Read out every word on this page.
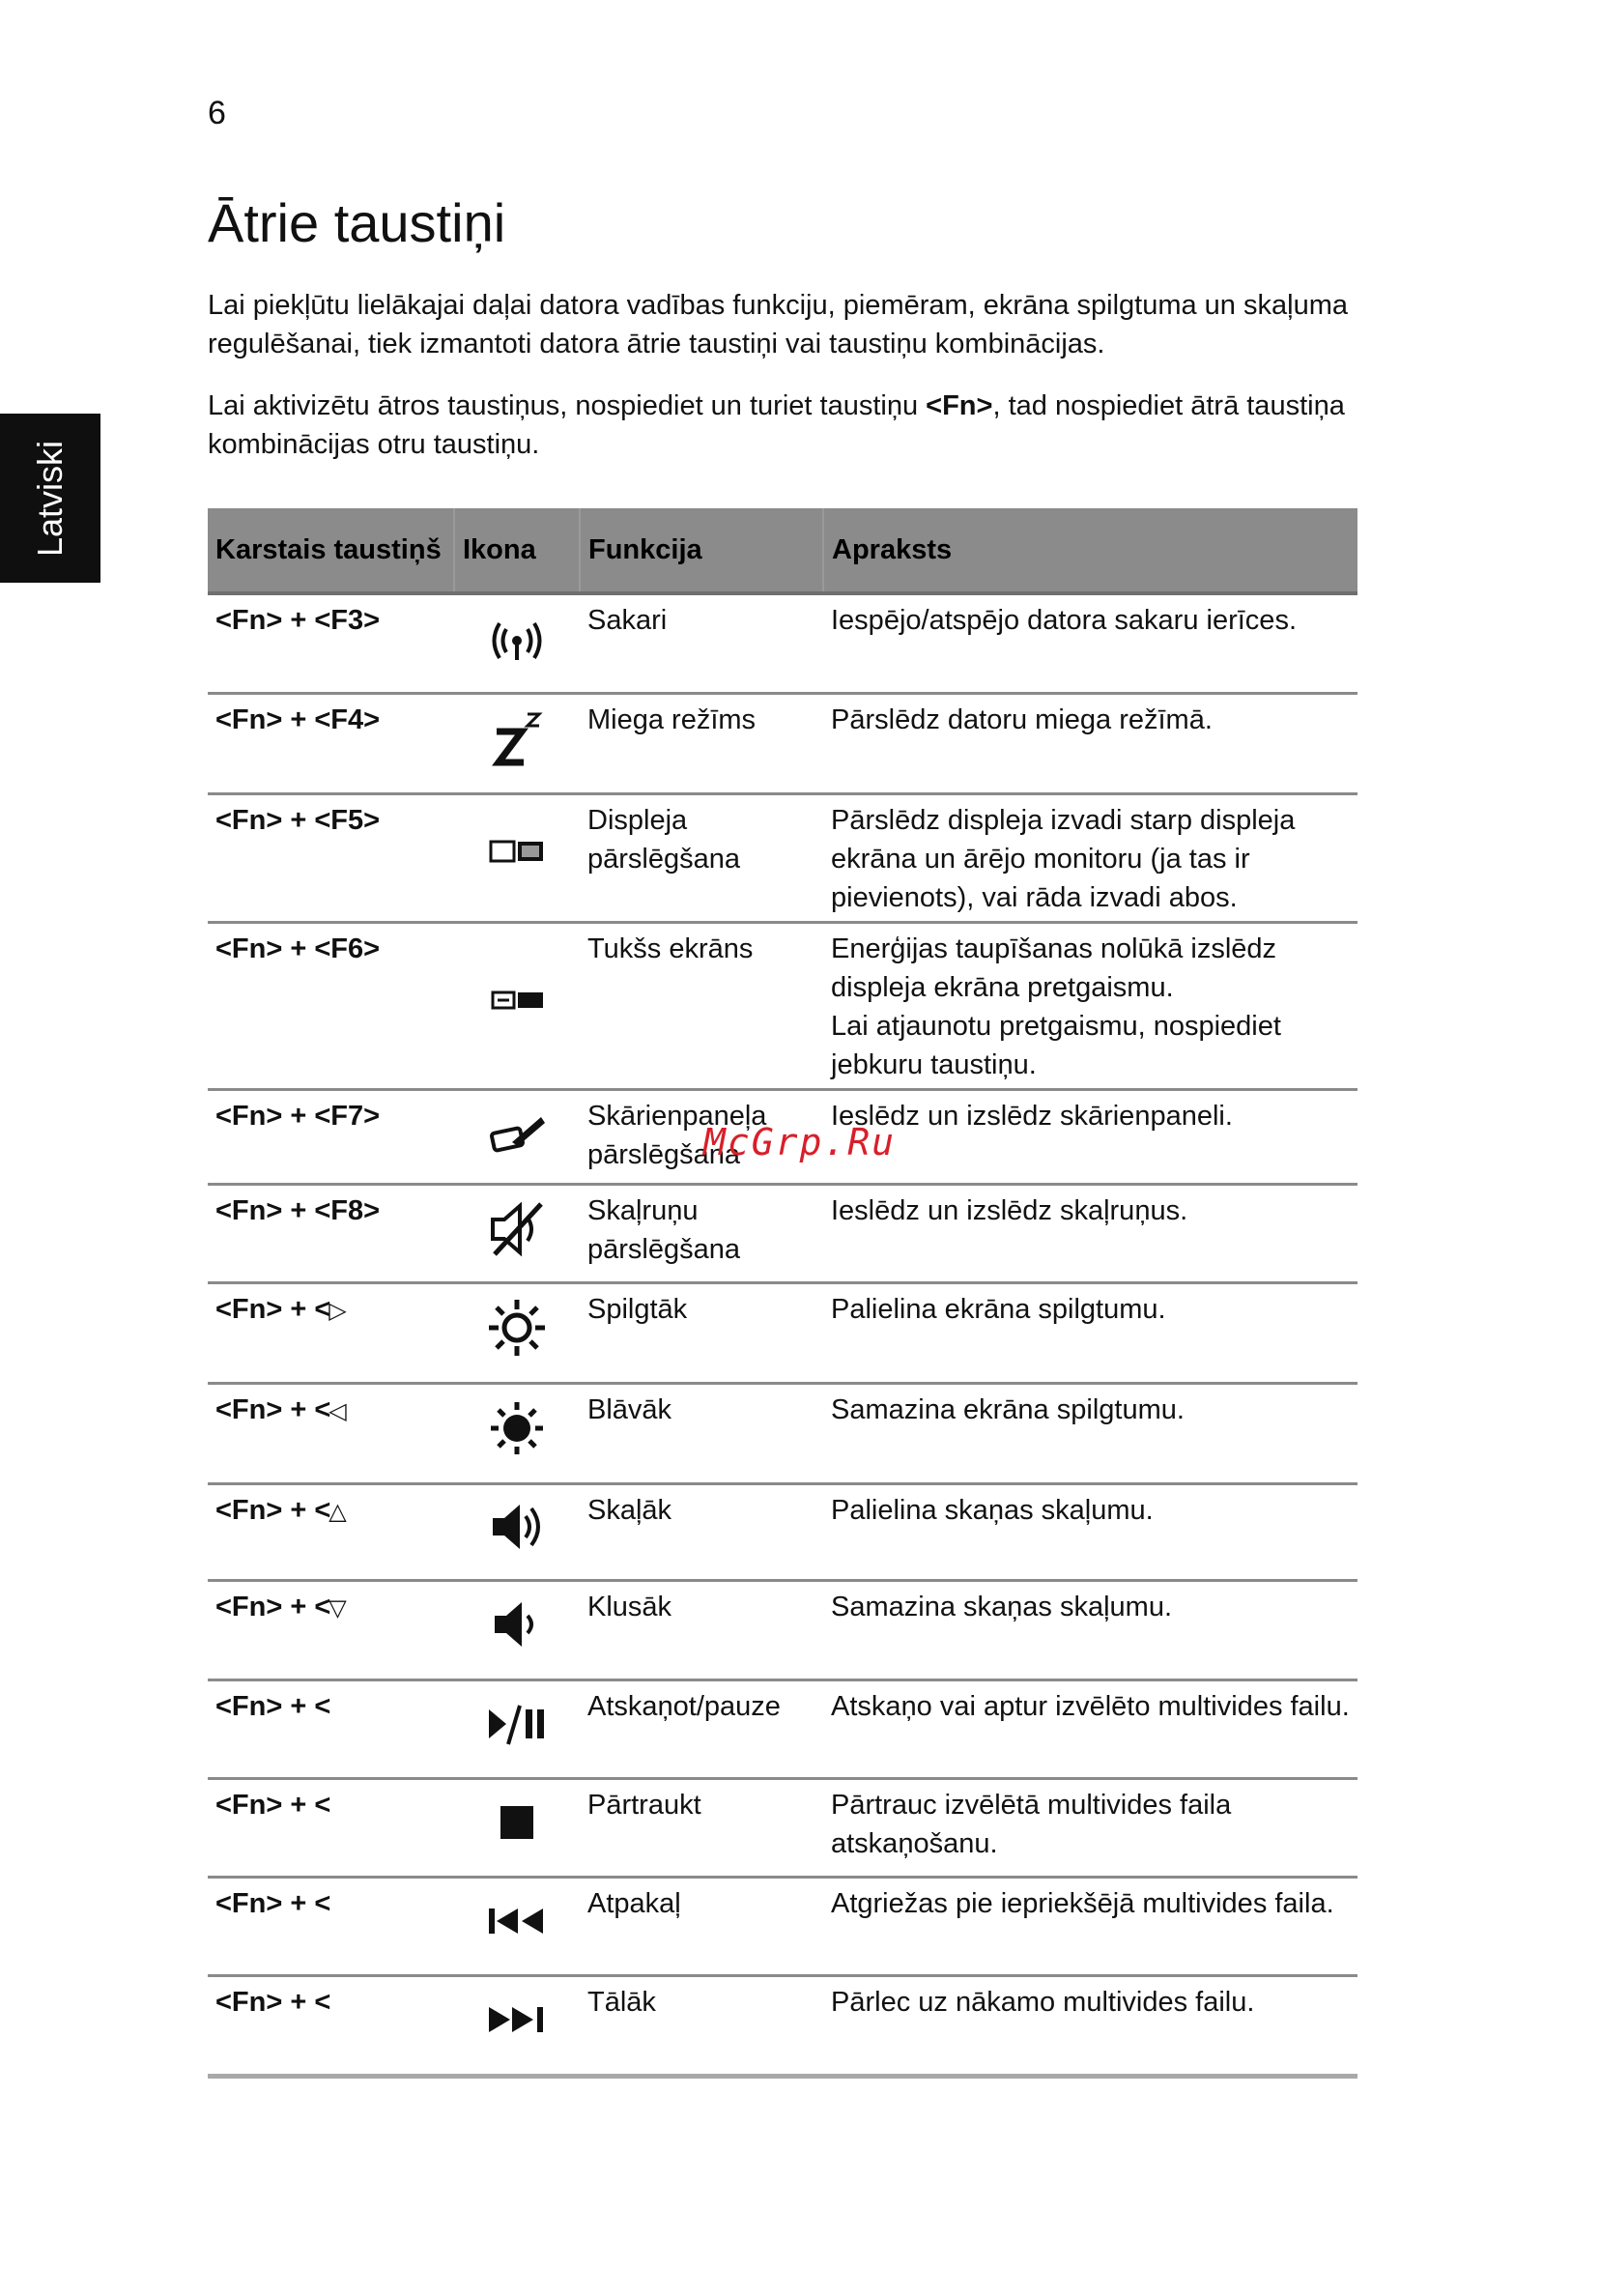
6
Latviski
Ātrie taustiņi

Lai piekļūtu lielākajai daļai datora vadības funkciju, piemēram, ekrāna spilgtuma un skaļuma regulēšanai, tiek izmantoti datora ātrie taustiņi vai taustiņu kombinācijas.

Lai aktivizētu ātros taustiņus, nospiediet un turiet taustiņu <Fn>, tad nospiediet ātrā taustiņa kombinācijas otru taustiņu.

Karstais taustiņš	Ikona	Funkcija	Apraksts
<Fn> + <F3>		Sakari	Iespējo/atspējo datora sakaru ierīces.
<Fn> + <F4>		Miega režīms	Pārslēdz datoru miega režīmā.
<Fn> + <F5>		Displeja pārslēgšana	Pārslēdz displeja izvadi starp displeja ekrāna un ārējo monitoru (ja tas ir pievienots), vai rāda izvadi abos.
<Fn> + <F6>		Tukšs ekrāns	Enerģijas taupīšanas nolūkā izslēdz displeja ekrāna pretgaismu.
Lai atjaunotu pretgaismu, nospiediet jebkuru taustiņu.
<Fn> + <F7>		Skārienpaneļa pārslēgšana	Ieslēdz un izslēdz skārienpaneli.
<Fn> + <F8>		Skaļruņu pārslēgšana	Ieslēdz un izslēdz skaļruņus.
<Fn> + <▷		Spilgtāk	Palielina ekrāna spilgtumu.
<Fn> + <◁		Blāvāk	Samazina ekrāna spilgtumu.
<Fn> + <△		Skaļāk	Palielina skaņas skaļumu.
<Fn> + <▽		Klusāk	Samazina skaņas skaļumu.
<Fn> + <		Atskaņot/pauze	Atskaņo vai aptur izvēlēto multivides failu.
<Fn> + <		Pārtraukt	Pārtrauc izvēlētā multivides faila atskaņošanu.
<Fn> + <		Atpakaļ	Atgriežas pie iepriekšējā multivides faila.
<Fn> + <		Tālāk	Pārlec uz nākamo multivides failu.
McGrp.Ru
